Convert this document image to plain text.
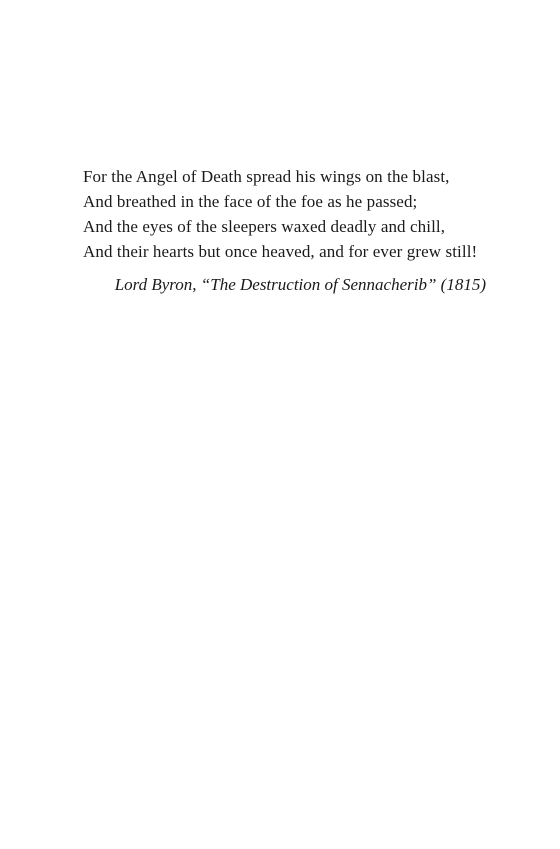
For the Angel of Death spread his wings on the blast,
And breathed in the face of the foe as he passed;
And the eyes of the sleepers waxed deadly and chill,
And their hearts but once heaved, and for ever grew still!
Lord Byron, “The Destruction of Sennacherib” (1815)
